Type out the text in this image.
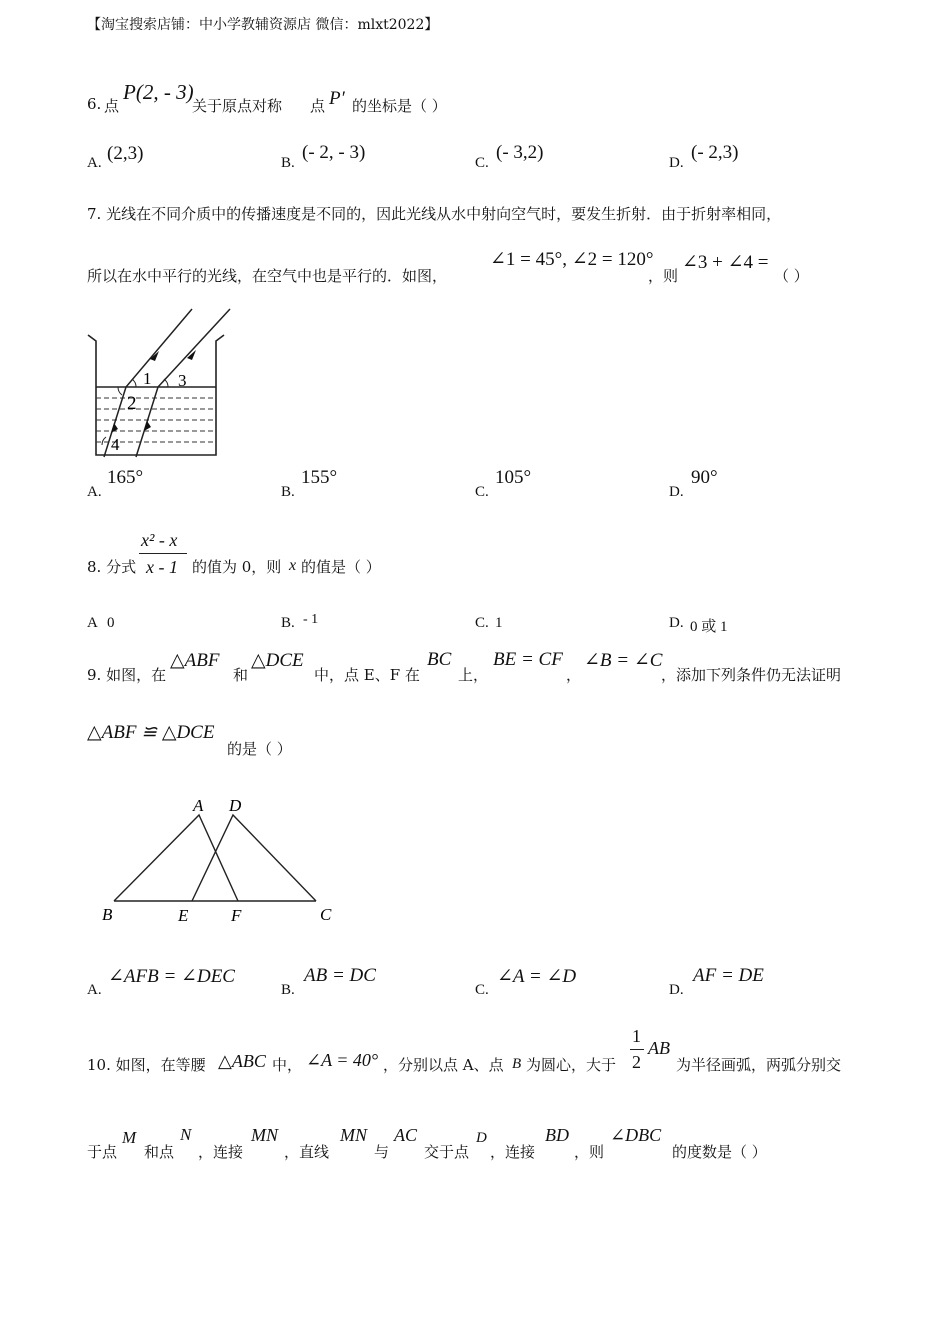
【淘宝搜索店铺：中小学教辅资源店 微信：mlxt2022】
6. 点
P(2, - 3)
关于原点对称 点 P′ 的坐标是（ ）
A. (2,3)	B. (- 2, - 3)	C. (- 3,2)	D. (- 2,3)
7. 光线在不同介质中的传播速度是不同的，因此光线从水中射向空气时，要发生折射．由于折射率相同，
所以在水中平行的光线，在空气中也是平行的．如图，
∠1 = 45°, ∠2 = 120°
，则
∠3 + ∠4 =
（ ）
1
2
3
4
A.
165°
B.
155°
C.
105°
D.
90°
8. 分式
x² - x
x - 1 的值为 0，则 x 的值是（ ）
A 0	B. - 1	C. 1	D. 0 或 1
9. 如图，在
△ABF
和
△DCE
中，点 E、F 在
BC
上，
BE = CF
，
∠B = ∠C
，添加下列条件仍无法证明
△ABF ≌ △DCE
的是（ ）
A D
B	E	F	C
A.
∠AFB = ∠DEC
B.
AB = DC
C.
∠A = ∠D
D.
AF = DE
10. 如图，在等腰 △ABC 中， ∠A = 40° ，分别以点 A、点 B 为圆心，大于
1
2
AB
为半径画弧，两弧分别交
于点
M
和点
N
，连接
MN
，直线
MN
与
AC
交于点
D
，连接
BD
，则
∠DBC
的度数是（ ）
